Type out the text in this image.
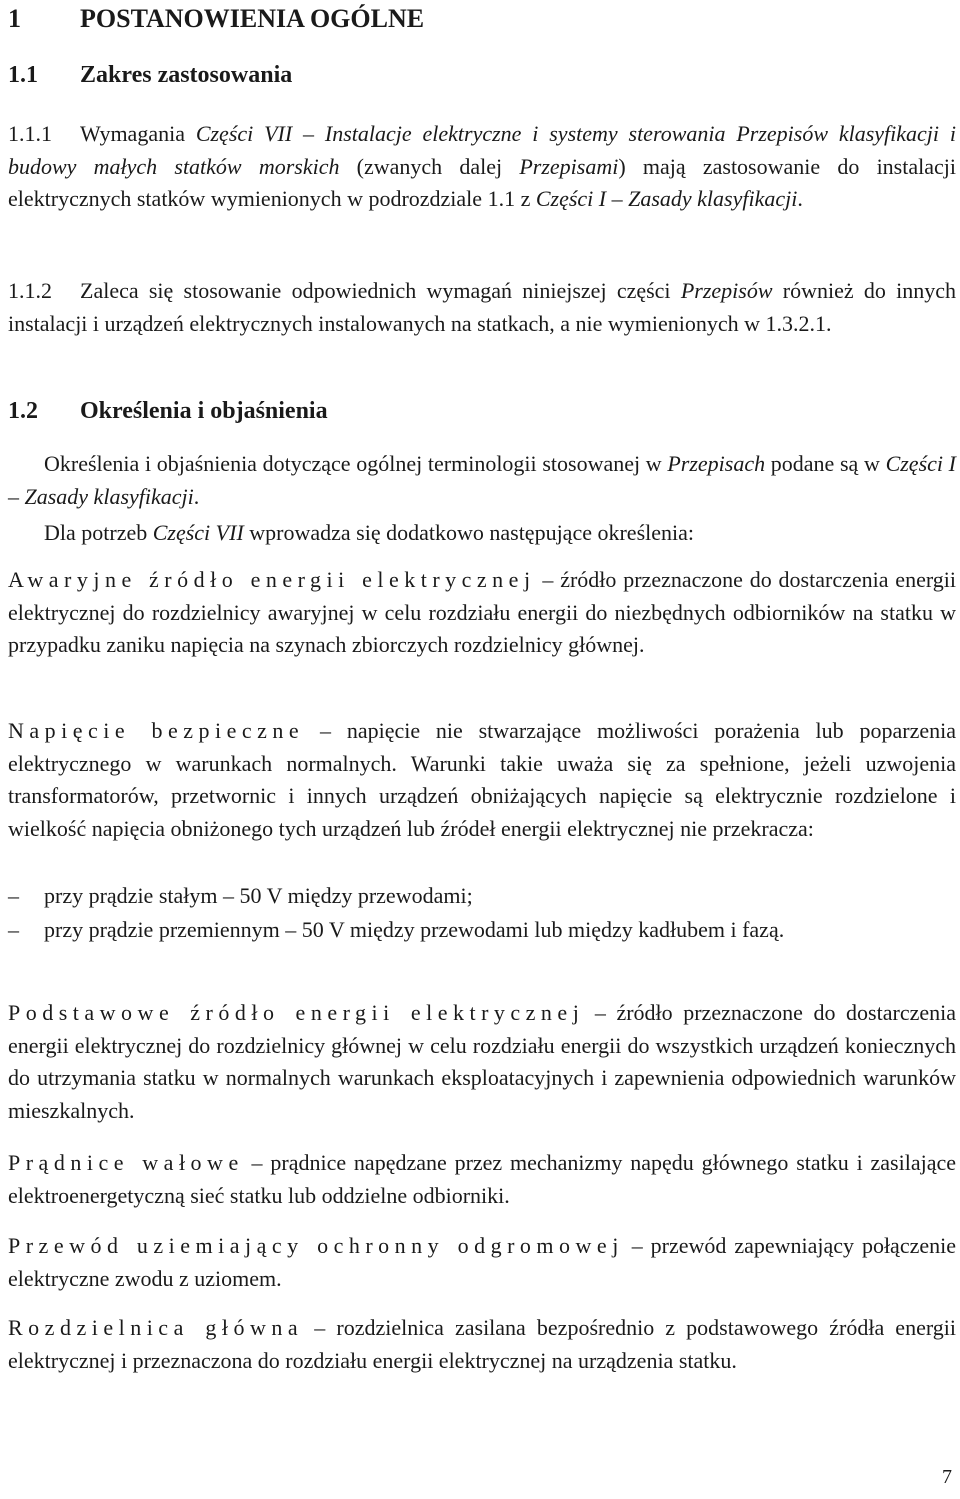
1 POSTANOWIENIA OGÓLNE
1.1 Zakres zastosowania

1.1.1 Wymagania Części VII – Instalacje elektryczne i systemy sterowania Przepisów klasyfikacji i budowy małych statków morskich (zwanych dalej Przepisami) mają zastosowanie do instalacji elektrycznych statków wymienionych w podrozdziale 1.1 z Części I – Zasady klasyfikacji.

1.1.2 Zaleca się stosowanie odpowiednich wymagań niniejszej części Przepisów również do innych instalacji i urządzeń elektrycznych instalowanych na statkach, a nie wymienionych w 1.3.2.1.

1.2 Określenia i objaśnienia

Określenia i objaśnienia dotyczące ogólnej terminologii stosowanej w Przepisach podane są w Części I – Zasady klasyfikacji.

Dla potrzeb Części VII wprowadza się dodatkowo następujące określenia:

Awaryjne źródło energii elektrycznej – źródło przeznaczone do dostarczenia energii elektrycznej do rozdzielnicy awaryjnej w celu rozdziału energii do niezbędnych odbiorników na statku w przypadku zaniku napięcia na szynach zbiorczych rozdzielnicy głównej.

Napięcie bezpieczne – napięcie nie stwarzające możliwości porażenia lub poparzenia elektrycznego w warunkach normalnych. Warunki takie uważa się za spełnione, jeżeli uzwojenia transformatorów, przetwornic i innych urządzeń obniżających napięcie są elektrycznie rozdzielone i wielkość napięcia obniżonego tych urządzeń lub źródeł energii elektrycznej nie przekracza:

–	przy prądzie stałym – 50 V między przewodami;
–	przy prądzie przemiennym – 50 V między przewodami lub między kadłubem i fazą.

Podstawowe źródło energii elektrycznej – źródło przeznaczone do dostarczenia energii elektrycznej do rozdzielnicy głównej w celu rozdziału energii do wszystkich urządzeń koniecznych do utrzymania statku w normalnych warunkach eksploatacyjnych i zapewnienia odpowiednich warunków mieszkalnych.

Prądnice wałowe – prądnice napędzane przez mechanizmy napędu głównego statku i zasilające elektroenergetyczną sieć statku lub oddzielne odbiorniki.

Przewód uziemiający ochronny odgromowej – przewód zapewniający połączenie elektryczne zwodu z uziomem.

Rozdzielnica główna – rozdzielnica zasilana bezpośrednio z podstawowego źródła energii elektrycznej i przeznaczona do rozdziału energii elektrycznej na urządzenia statku.

7
